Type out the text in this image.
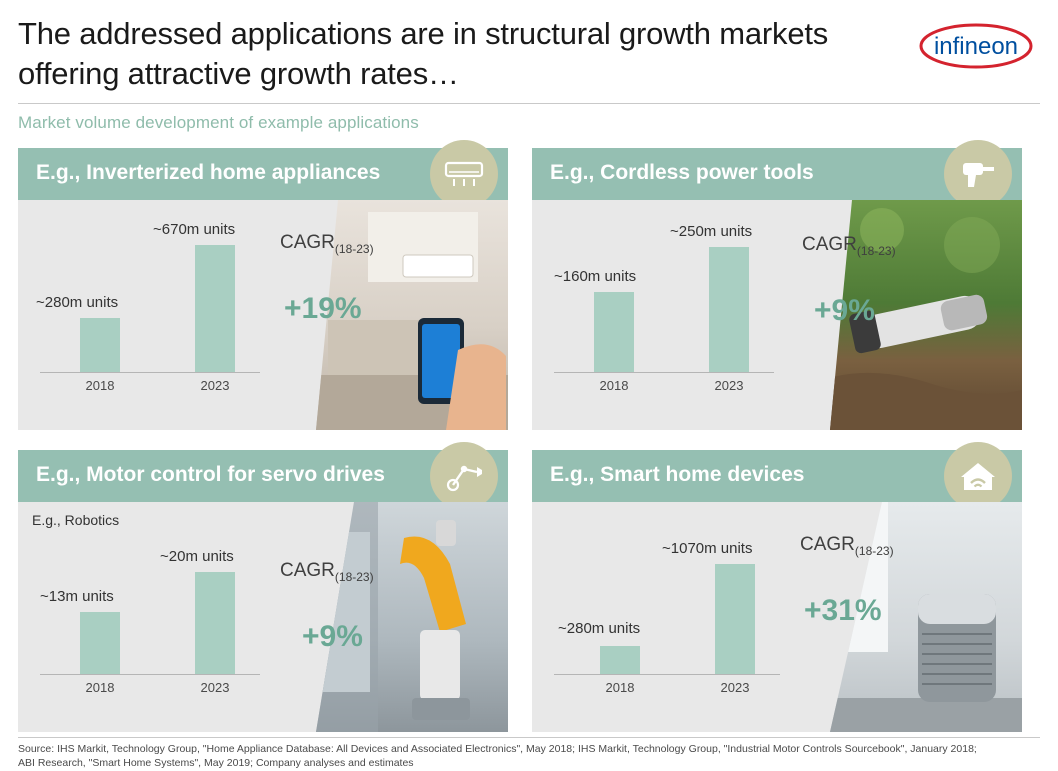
The addressed applications are in structural growth markets offering attractive growth rates…
infineon
Market volume development of example applications
E.g., Inverterized home appliances
~280m units
~670m units
2018	2023
$CAGR_{(18-23)}$
+19%
E.g., Cordless power tools
~160m units
~250m units
2018	2023
$CAGR_{(18-23)}$
+9%
E.g., Motor control for servo drives
E.g., Robotics
~13m units
~20m units
2018	2023
$CAGR_{(18-23)}$
+9%
E.g., Smart home devices
~280m units
~1070m units
2018	2023
$CAGR_{(18-23)}$
+31%
Source: IHS Markit, Technology Group, "Home Appliance Database: All Devices and Associated Electronics", May 2018; IHS Markit, Technology Group, "Industrial Motor Controls Sourcebook", January 2018;
ABI Research, "Smart Home Systems", May 2019; Company analyses and estimates
